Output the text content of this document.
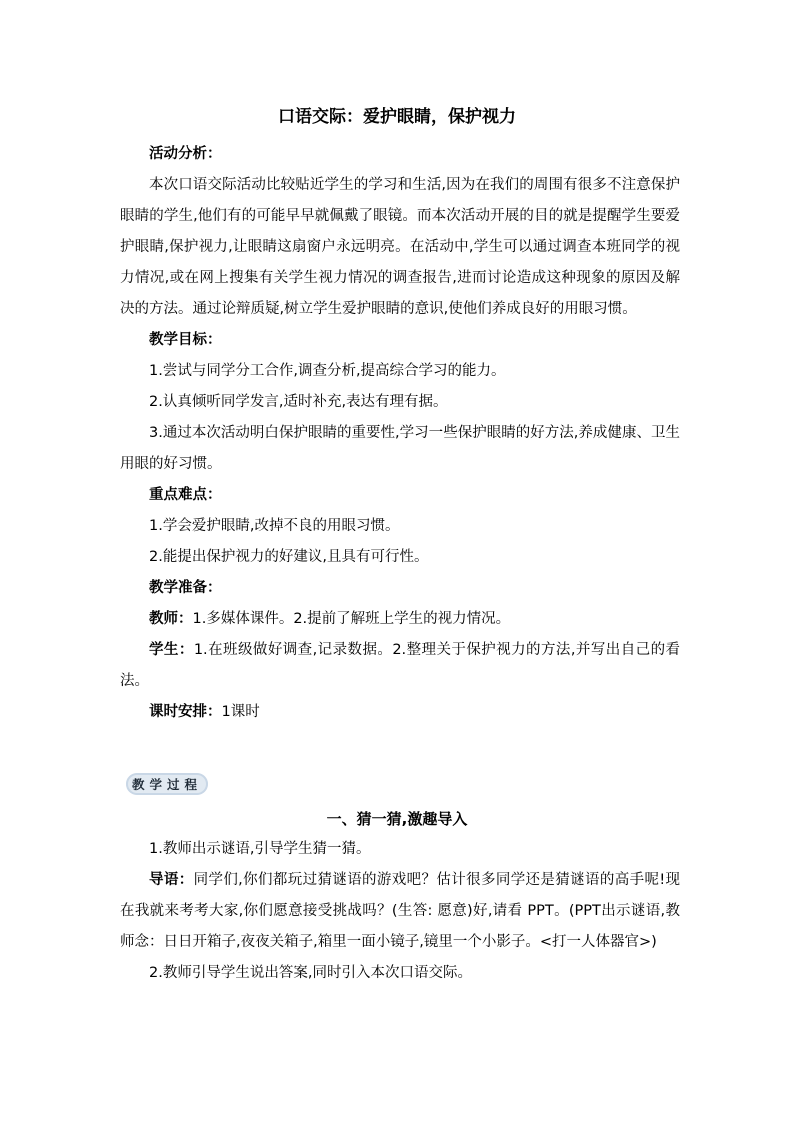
口语交际：爱护眼睛，保护视力

活动分析：

本次口语交际活动比较贴近学生的学习和生活,因为在我们的周围有很多不注意保护眼睛的学生,他们有的可能早早就佩戴了眼镜。而本次活动开展的目的就是提醒学生要爱护眼睛,保护视力,让眼睛这扇窗户永远明亮。在活动中,学生可以通过调查本班同学的视力情况,或在网上搜集有关学生视力情况的调查报告,进而讨论造成这种现象的原因及解决的方法。通过论辩质疑,树立学生爱护眼睛的意识,使他们养成良好的用眼习惯。

教学目标：

1.尝试与同学分工合作,调查分析,提高综合学习的能力。

2.认真倾听同学发言,适时补充,表达有理有据。

3.通过本次活动明白保护眼睛的重要性,学习一些保护眼睛的好方法,养成健康、卫生用眼的好习惯。

重点难点：

1.学会爱护眼睛,改掉不良的用眼习惯。

2.能提出保护视力的好建议,且具有可行性。

教学准备：

教师：1.多媒体课件。2.提前了解班上学生的视力情况。

学生：1.在班级做好调查,记录数据。2.整理关于保护视力的方法,并写出自己的看法。

课时安排：1课时

教学过程
一、猜一猜,激趣导入

1.教师出示谜语,引导学生猜一猜。

导语：同学们,你们都玩过猜谜语的游戏吧？估计很多同学还是猜谜语的高手呢!现在我就来考考大家,你们愿意接受挑战吗？(生答: 愿意)好,请看 PPT。(PPT出示谜语,教师念：日日开箱子,夜夜关箱子,箱里一面小镜子,镜里一个小影子。<打一人体器官>)

2.教师引导学生说出答案,同时引入本次口语交际。
